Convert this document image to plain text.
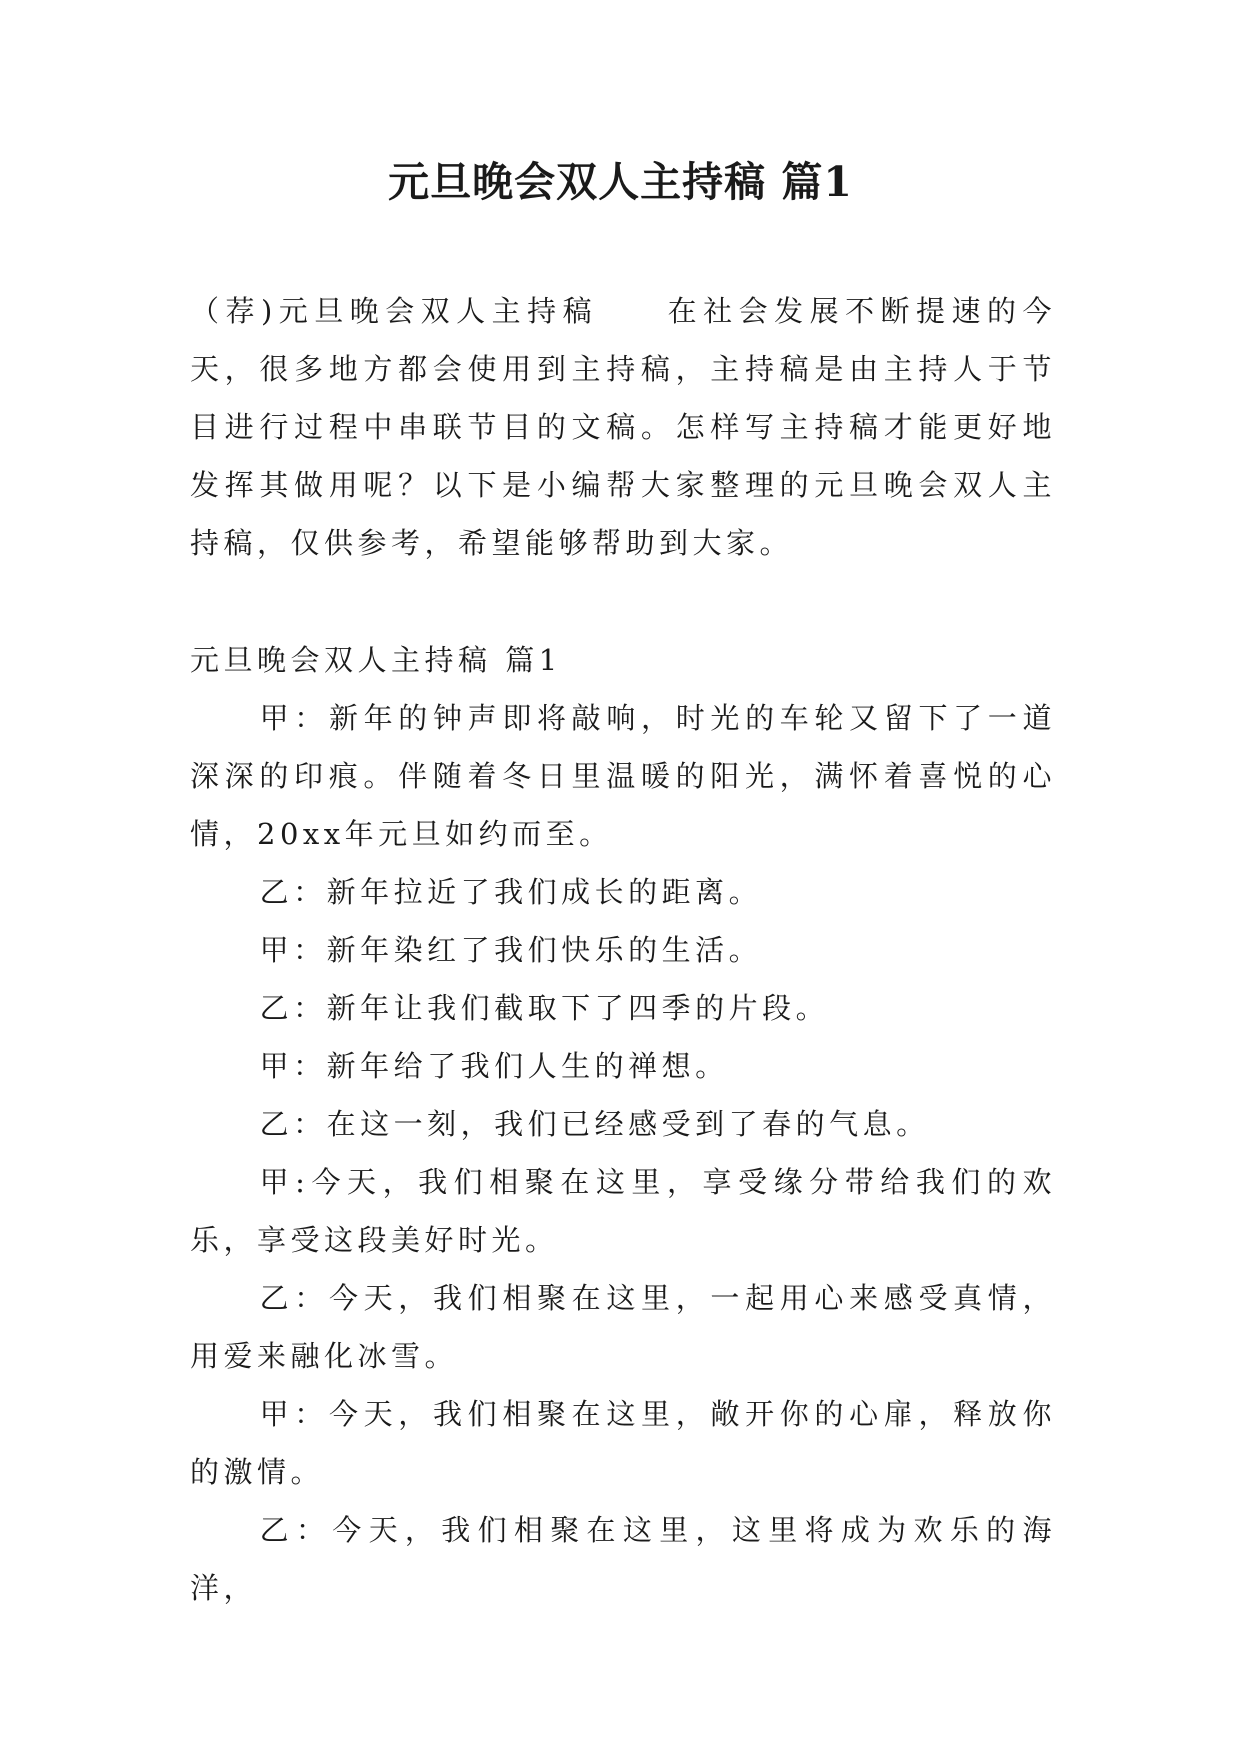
元旦晚会双人主持稿 篇1

（荐)元旦晚会双人主持稿 在社会发展不断提速的今天，很多地方都会使用到主持稿，主持稿是由主持人于节目进行过程中串联节目的文稿。怎样写主持稿才能更好地发挥其做用呢？以下是小编帮大家整理的元旦晚会双人主持稿，仅供参考，希望能够帮助到大家。

元旦晚会双人主持稿 篇1

甲：新年的钟声即将敲响，时光的车轮又留下了一道深深的印痕。伴随着冬日里温暖的阳光，满怀着喜悦的心情，20xx年元旦如约而至。

乙：新年拉近了我们成长的距离。

甲：新年染红了我们快乐的生活。

乙：新年让我们截取下了四季的片段。

甲：新年给了我们人生的禅想。

乙：在这一刻，我们已经感受到了春的气息。

甲:今天，我们相聚在这里，享受缘分带给我们的欢乐，享受这段美好时光。

乙：今天，我们相聚在这里，一起用心来感受真情，用爱来融化冰雪。

甲：今天，我们相聚在这里，敞开你的心扉，释放你的激情。

乙：今天，我们相聚在这里，这里将成为欢乐的海洋，
